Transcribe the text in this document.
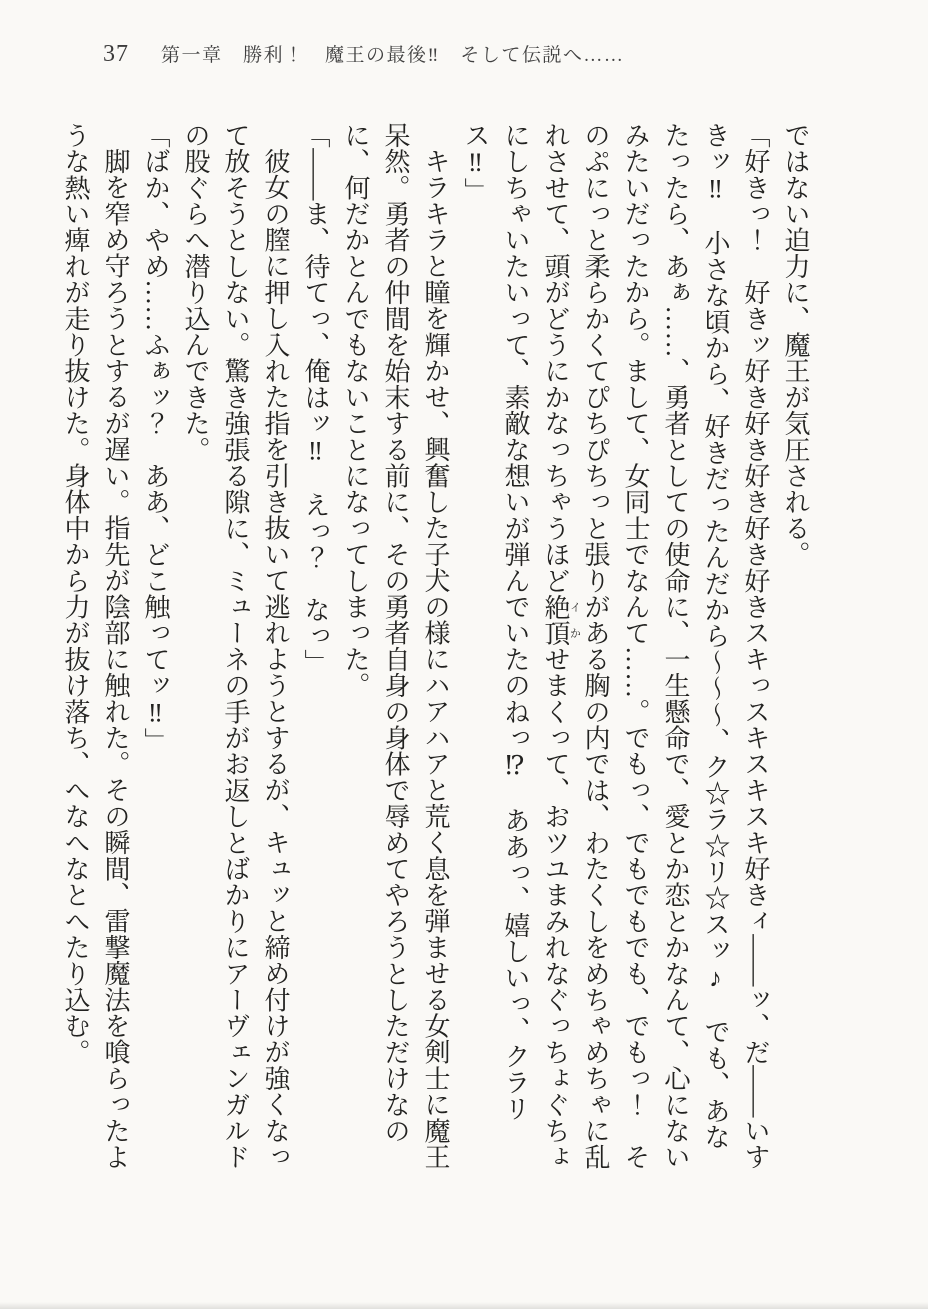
37 第一章　勝利！　魔王の最後‼　そして伝説へ……

ではない迫力に、魔王が気圧される。

「好きっ！　好きッ好き好き好き好き好きスキっスキスキスキ好きィ――ッ、だ――いすきッ‼　小さな頃から、好きだったんだから～～～、ク☆ラ☆リ☆スッ♪　でも、あなたったら、あぁ……、勇者としての使命に、一生懸命で、愛とか恋とかなんて、心にないみたいだったから。まして、女同士でなんて……。でもっ、でもでもでも、でもっ！　そのぷにっと柔らかくてぴちぴちっと張りがある胸の内では、わたくしをめちゃめちゃに乱れさせて、頭がどうにかなっちゃうほど絶頂イかせまくって、おツユまみれなぐっちょぐちょにしちゃいたいって、素敵な想いが弾んでいたのねっ⁉　ああっ、嬉しいっ、クラリス‼」

キラキラと瞳を輝かせ、興奮した子犬の様にハアハアと荒く息を弾ませる女剣士に魔王呆然。勇者の仲間を始末する前に、その勇者自身の身体で辱めてやろうとしただけなのに、何だかとんでもないことになってしまった。

「――ま、待てっ、俺はッ‼　えっ？　なっ」

彼女の膣に押し入れた指を引き抜いて逃れようとするが、キュッと締め付けが強くなって放そうとしない。驚き強張る隙に、ミューネの手がお返しとばかりにアーヴェンガルドの股ぐらへ潜り込んできた。

「ばか、やめ……ふぁッ？　ああ、どこ触ってッ‼」

脚を窄め守ろうとするが遅い。指先が陰部に触れた。その瞬間、雷撃魔法を喰らったような熱い痺れが走り抜けた。身体中から力が抜け落ち、へなへなとへたり込む。
